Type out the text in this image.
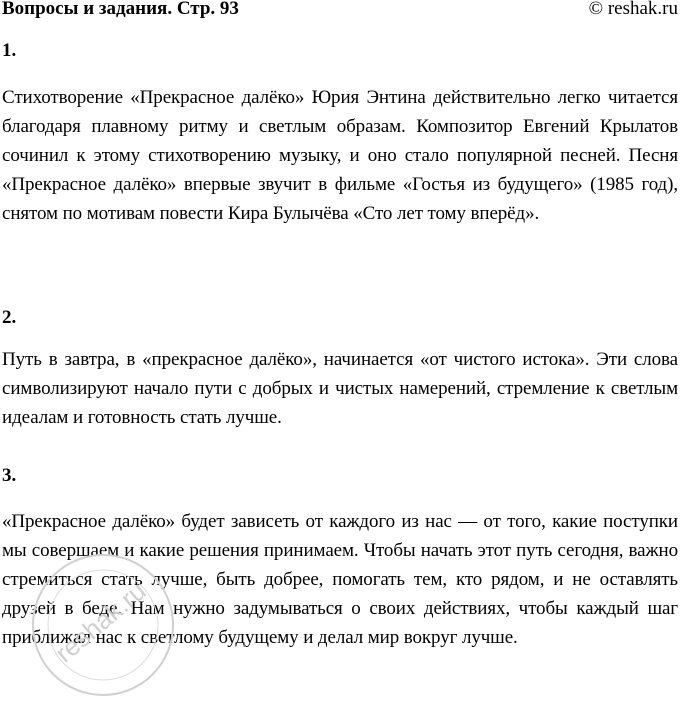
Вопросы и задания. Стр. 93	© reshak.ru
1.
Стихотворение «Прекрасное далёко» Юрия Энтина действительно легко читается благодаря плавному ритму и светлым образам. Композитор Евгений Крылатов сочинил к этому стихотворению музыку, и оно стало популярной песней. Песня «Прекрасное далёко» впервые звучит в фильме «Гостья из будущего» (1985 год), снятом по мотивам повести Кира Булычёва «Сто лет тому вперёд».
2.
Путь в завтра, в «прекрасное далёко», начинается «от чистого истока». Эти слова символизируют начало пути с добрых и чистых намерений, стремление к светлым идеалам и готовность стать лучше.
3.
«Прекрасное далёко» будет зависеть от каждого из нас — от того, какие поступки мы совершаем и какие решения принимаем. Чтобы начать этот путь сегодня, важно стремиться стать лучше, быть добрее, помогать тем, кто рядом, и не оставлять друзей в беде. Нам нужно задумываться о своих действиях, чтобы каждый шаг приближал нас к светлому будущему и делал мир вокруг лучше.
reshak.ru
